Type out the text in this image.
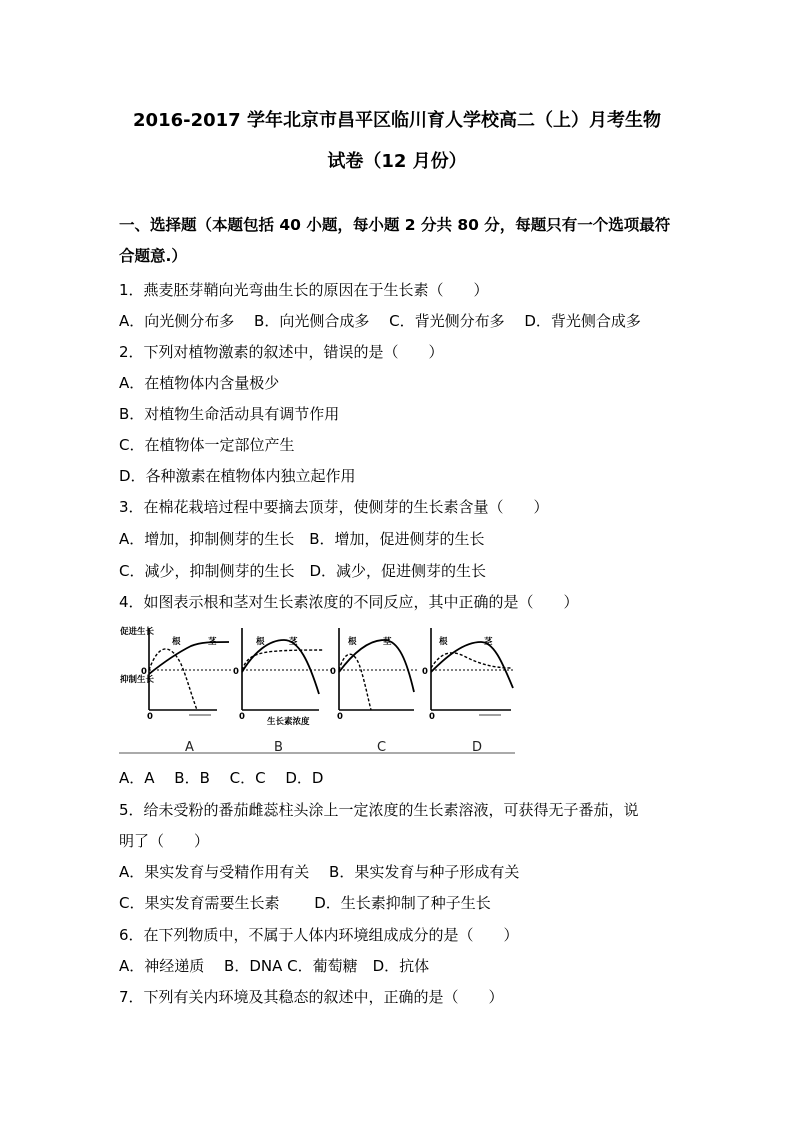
2016-2017 学年北京市昌平区临川育人学校高二（上）月考生物
试卷（12 月份）
一、选择题（本题包括 40 小题，每小题 2 分共 80 分，每题只有一个选项最符合题意.）
1．燕麦胚芽鞘向光弯曲生长的原因在于生长素（　　）
A．向光侧分布多　 B．向光侧合成多　 C．背光侧分布多　 D．背光侧合成多
2．下列对植物激素的叙述中，错误的是（　　）
A．在植物体内含量极少
B．对植物生命活动具有调节作用
C．在植物体一定部位产生
D．各种激素在植物体内独立起作用
3．在棉花栽培过程中要摘去顶芽，使侧芽的生长素含量（　　）
A．增加，抑制侧芽的生长　B．增加，促进侧芽的生长
C．减少，抑制侧芽的生长　D．减少，促进侧芽的生长
4．如图表示根和茎对生长素浓度的不同反应，其中正确的是（　　）
促进生长
抑制生长
0
0
根	茎
0
0
根	茎
生长素浓度
0
0
根	茎
0
0
根	茎
A	B	C	D
A．A　 B．B　 C．C　 D．D
5．给未受粉的番茄雌蕊柱头涂上一定浓度的生长素溶液，可获得无子番茄，说
明了（　　）
A．果实发育与受精作用有关　 B．果实发育与种子形成有关
C．果实发育需要生长素　　 D．生长素抑制了种子生长
6．在下列物质中，不属于人体内环境组成成分的是（　　）
A．神经递质　 B．DNA C．葡萄糖　D．抗体
7．下列有关内环境及其稳态的叙述中，正确的是（　　）
